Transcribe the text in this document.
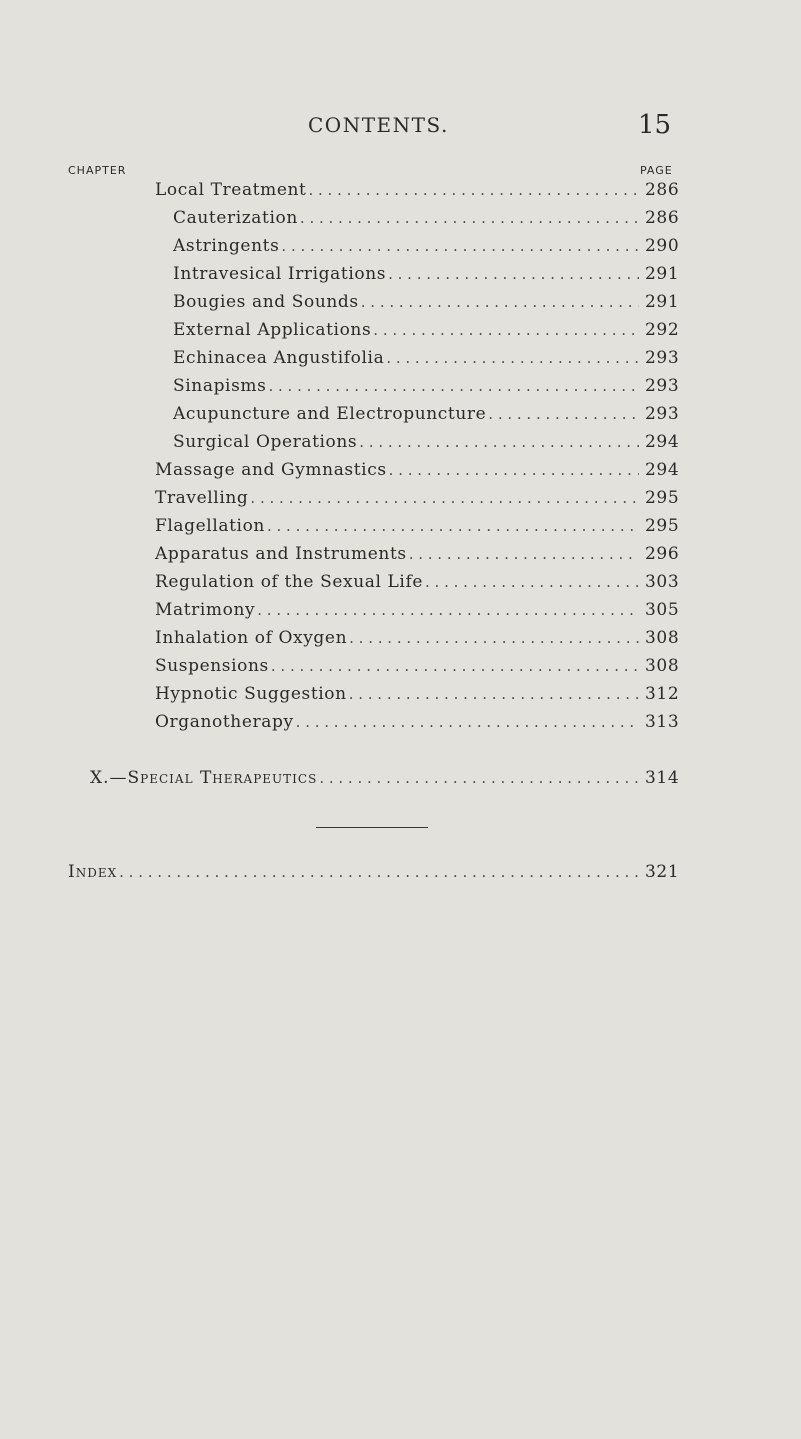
CONTENTS.	15
CHAPTER	PAGE
Local Treatment . . .	286
Cauterization . . .	286
Astringents . . .	290
Intravesical Irrigations . . .	291
Bougies and Sounds . . .	291
External Applications . . .	292
Echinacea Angustifolia . . .	293
Sinapisms . . .	293
Acupuncture and Electropuncture . . .	293
Surgical Operations . . .	294
Massage and Gymnastics . . .	294
Travelling . . .	295
Flagellation . . .	295
Apparatus and Instruments . . .	296
Regulation of the Sexual Life . . .	303
Matrimony . . .	305
Inhalation of Oxygen . . .	308
Suspensions . . .	308
Hypnotic Suggestion . . .	312
Organotherapy . . .	313
X.—Special Therapeutics . . .	314
Index . . .	321
